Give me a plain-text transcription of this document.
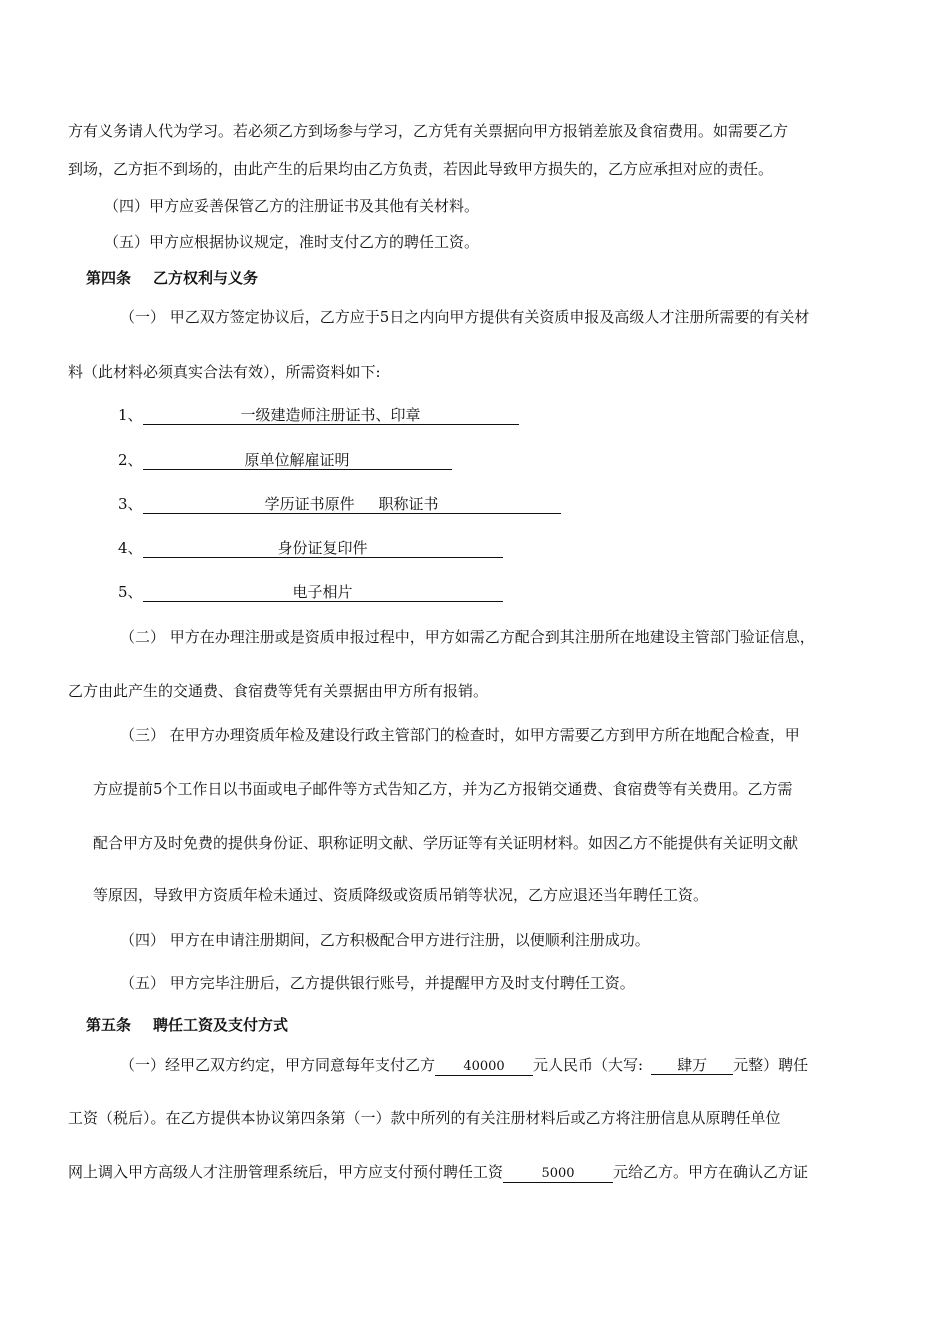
方有义务请人代为学习。若必须乙方到场参与学习，乙方凭有关票据向甲方报销差旅及食宿费用。如需要乙方
到场，乙方拒不到场的，由此产生的后果均由乙方负责，若因此导致甲方损失的，乙方应承担对应的责任。
（四）甲方应妥善保管乙方的注册证书及其他有关材料。
（五）甲方应根据协议规定，准时支付乙方的聘任工资。
第四条 乙方权利与义务
（一） 甲乙双方签定协议后，乙方应于5日之内向甲方提供有关资质申报及高级人才注册所需要的有关材
料（此材料必须真实合法有效），所需资料如下:
1、	一级建造师注册证书、印章
2、	原单位解雇证明
3、	学历证书原件     职称证书
4、	身份证复印件
5、	电子相片
（二） 甲方在办理注册或是资质申报过程中，甲方如需乙方配合到其注册所在地建设主管部门验证信息，
乙方由此产生的交通费、食宿费等凭有关票据由甲方所有报销。
（三） 在甲方办理资质年检及建设行政主管部门的检查时，如甲方需要乙方到甲方所在地配合检查，甲
方应提前5个工作日以书面或电子邮件等方式告知乙方，并为乙方报销交通费、食宿费等有关费用。乙方需
配合甲方及时免费的提供身份证、职称证明文献、学历证等有关证明材料。如因乙方不能提供有关证明文献
等原因，导致甲方资质年检未通过、资质降级或资质吊销等状况，乙方应退还当年聘任工资。
（四） 甲方在申请注册期间，乙方积极配合甲方进行注册，以便顺利注册成功。
（五） 甲方完毕注册后，乙方提供银行账号，并提醒甲方及时支付聘任工资。
第五条 聘任工资及支付方式
（一）经甲乙双方约定，甲方同意每年支付乙方 40000 元人民币（大写: 肆万 元整）聘任
工资（税后）。在乙方提供本协议第四条第（一）款中所列的有关注册材料后或乙方将注册信息从原聘任单位
网上调入甲方高级人才注册管理系统后，甲方应支付预付聘任工资	5000	元给乙方。甲方在确认乙方证
